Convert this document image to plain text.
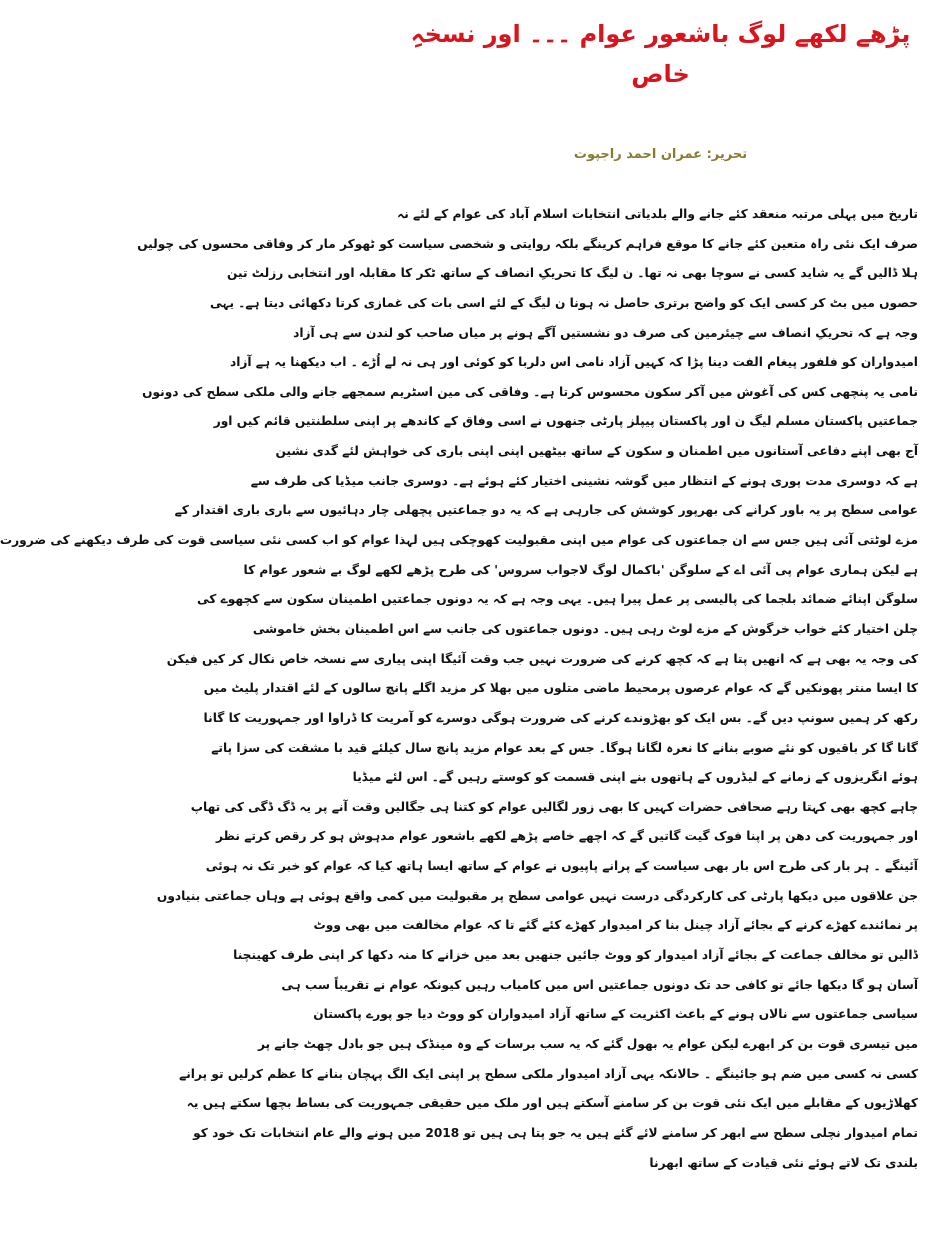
پڑھے لکھے لوگ باشعور عوام ۔۔۔ اور نسخہِ خاص
تحریر: عمران احمد راجپوت
تاریخ میں پہلی مرتبہ منعقد کئے جانے والے بلدیاتی انتخابات اسلام آباد کی عوام کے لئے نہ
صرف ایک نئی راہ متعین کئے جانے کا موقع فراہم کرینگے بلکہ روایتی و شخصی سیاست کو ٹھوکر مار کر وفاقی محسوں کی چولیں
ہلا ڈالیں گے یہ شاید کسی نے سوچا بھی نہ تھا۔ ن لیگ کا تحریکِ انصاف کے ساتھ ٹکر کا مقابلہ اور انتخابی رزلٹ تین
حصوں میں بٹ کر کسی ایک کو واضح برتری حاصل نہ ہونا ن لیگ کے لئے اسی بات کی غمازی کرتا دکھائی دیتا ہے۔ یہی
وجہ ہے کہ تحریکِ انصاف سے چیئرمین کی صرف دو نشستیں آگے ہونے پر میاں صاحب کو لندن سے ہی آزاد
امیدواران کو فلفور پیغام الفت دینا پڑا کہ کہیں آزاد نامی اس دلربا کو کوئی اور ہی نہ لے اُڑے ۔ اب دیکھنا یہ ہے آزاد
نامی یہ پنچھی کس کی آغوش میں آکر سکون محسوس کرتا ہے۔ وفاقی کی مین اسٹریم سمجھے جانے والی ملکی سطح کی دونوں
جماعتیں پاکستان مسلم لیگ ن اور پاکستان پیپلز پارٹی جنھوں نے اسی وفاق کے کاندھے پر اپنی سلطنتیں قائم کیں اور
آج بھی اپنے دفاعی آستانوں میں اطمنان و سکون کے ساتھ بیٹھیں اپنی اپنی باری کی خواہش لئے گدی نشین
ہے کہ دوسری مدت پوری ہونے کے انتظار میں گوشہ نشینی اختیار کئے ہوئے ہے۔ دوسری جانب میڈیا کی طرف سے
عوامی سطح پر یہ باور کرانے کی بھرپور کوشش کی جارہی ہے کہ یہ دو جماعتیں پچھلی چار دہائیوں سے باری باری اقتدار کے
مزے لوٹتی آئی ہیں جس سے ان جماعتوں کی عوام میں اپنی مقبولیت کھوچکی ہیں لہذا عوام کو اب کسی نئی سیاسی قوت کی طرف دیکھنے کی ضرورت
ہے لیکن ہماری عوام پی آئی اے کے سلوگن 'باکمال لوگ لاجواب سروس' کی طرح پڑھے لکھے لوگ بے شعور عوام کا
سلوگن اپنائے ضمائد بلجما کی پالیسی پر عمل پیرا ہیں۔ یہی وجہ ہے کہ یہ دونوں جماعتیں اطمینان سکون سے کچھوے کی
چلن اختیار کئے خواب خرگوش کے مزے لوٹ رہی ہیں۔ دونوں جماعتوں کی جانب سے اس اطمینان بخش خاموشی
کی وجہ یہ بھی ہے کہ انھیں پتا ہے کہ کچھ کرنے کی ضرورت نہیں جب وقت آئیگا اپنی پیاری سے نسخہ خاص نکال کر کیں فیکن
کا ایسا منتر پھونکیں گے کہ عوام عرصوں پرمحیط ماضی متلوں میں بھلا کر مزید اگلے پانچ سالوں کے لئے اقتدار پلیٹ میں
رکھ کر ہمیں سونپ دیں گے۔ بس ایک کو بھڑوندے کرنے کی ضرورت ہوگی دوسرے کو آمریت کا ڈراوا اور جمہوریت کا گانا
گانا گا کر باقیوں کو نئے صوبے بنانے کا نعرہ لگانا ہوگا۔ جس کے بعد عوام مزید پانچ سال کیلئے قید با مشقت کی سزا پاتے
ہوئے انگریزوں کے زمانے کے لیڈروں کے ہاتھوں بنے اپنی قسمت کو کوستے رہیں گے۔ اس لئے میڈیا
چاہے کچھ بھی کہتا رہے صحافی حضرات کہیں کا بھی زور لگالیں عوام کو کتنا ہی جگالیں وقت آنے پر یہ ڈگ ڈگی کی تھاپ
اور جمہوریت کی دھن پر اپنا فوک گیت گاتیں گے کہ اچھے خاصے پڑھے لکھے باشعور عوام مدہوش ہو کر رقص کرتے نظر
آئینگے ۔ ہر بار کی طرح اس بار بھی سیاست کے پرانے پاپیوں نے عوام کے ساتھ ایسا ہاتھ کیا کہ عوام کو خبر تک نہ ہوئی
جن علاقوں میں دیکھا پارٹی کی کارکردگی درست نہیں عوامی سطح پر مقبولیت میں کمی واقع ہوئی ہے وہاں جماعتی بنیادوں
پر نمائندے کھڑے کرنے کے بجائے آزاد چینل بنا کر امیدوار کھڑے کئے گئے تا کہ عوام مخالفت میں بھی ووٹ
ڈالیں تو مخالف جماعت کے بجائے آزاد امیدوار کو ووٹ جائیں جنھیں بعد میں خزانے کا منہ دکھا کر اپنی طرف کھینچنا
آسان ہو گا دیکھا جائے تو کافی حد تک دونوں جماعتیں اس میں کامیاب رہیں کیونکہ عوام نے تقریباً سب ہی
سیاسی جماعتوں سے نالاں ہونے کے باعث اکثریت کے ساتھ آزاد امیدواران کو ووٹ دیا جو پورے پاکستان
میں تیسری قوت بن کر ابھرے لیکن عوام یہ بھول گئے کہ یہ سب برسات کے وہ مینڈک ہیں جو بادل چھٹ جانے پر
کسی نہ کسی میں ضم ہو جائینگے ۔ حالانکہ یہی آزاد امیدوار ملکی سطح پر اپنی ایک الگ پہچان بنانے کا عظم کرلیں تو پرانے
کھلاڑیوں کے مقابلے میں ایک نئی قوت بن کر سامنے آسکتے ہیں اور ملک میں حقیقی جمہوریت کی بساط بچھا سکتے ہیں یہ
تمام امیدوار نچلی سطح سے ابھر کر سامنے لائے گئے ہیں یہ جو پتا ہی ہیں تو 2018 میں ہونے والے عام انتخابات تک خود کو
بلندی تک لاتے ہوئے نئی قیادت کے ساتھ ابھرنا
